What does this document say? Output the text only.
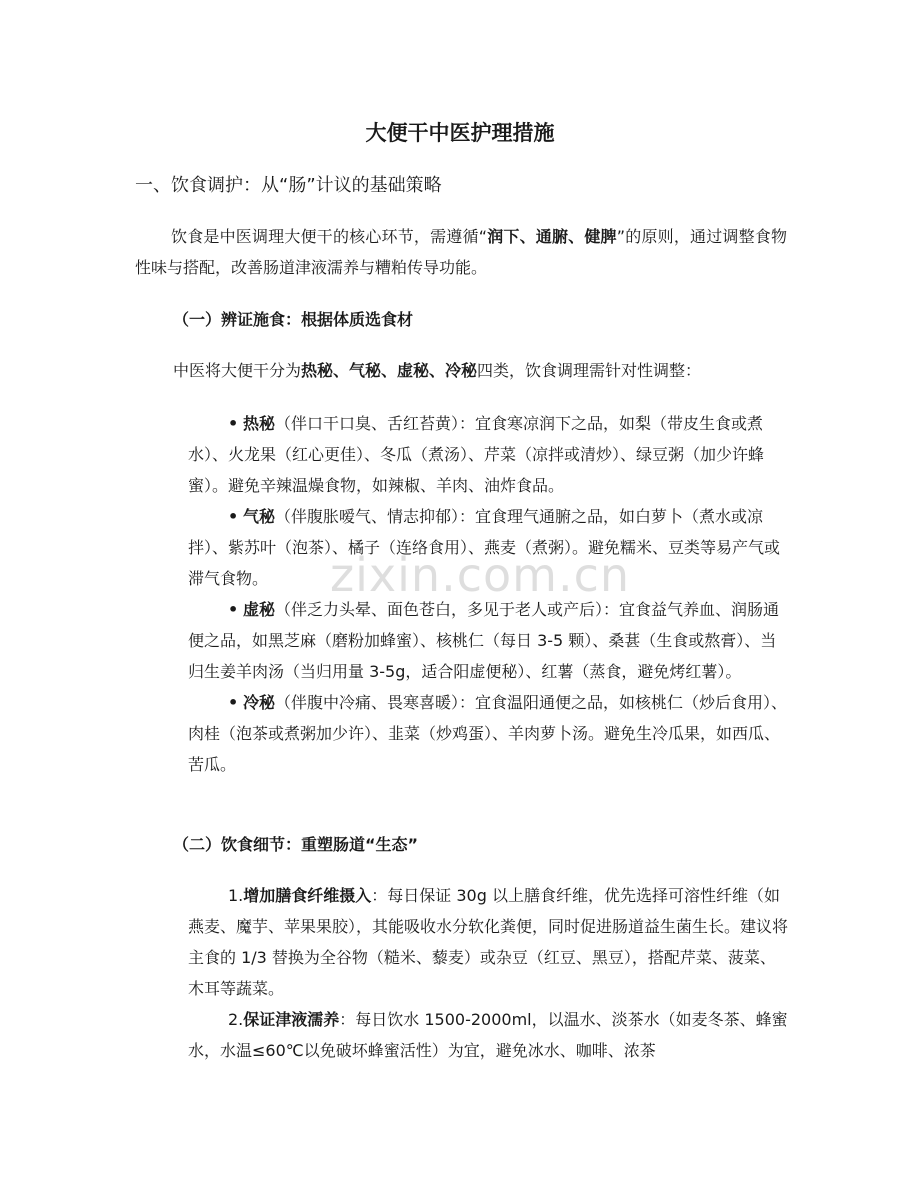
大便干中医护理措施
一、饮食调护：从“肠”计议的基础策略
饮食是中医调理大便干的核心环节，需遵循“润下、通腑、健脾”的原则，通过调整食物性味与搭配，改善肠道津液濡养与糟粕传导功能。
（一）辨证施食：根据体质选食材
中医将大便干分为热秘、气秘、虚秘、冷秘四类，饮食调理需针对性调整：
• 热秘（伴口干口臭、舌红苔黄）：宜食寒凉润下之品，如梨（带皮生食或煮水）、火龙果（红心更佳）、冬瓜（煮汤）、芹菜（凉拌或清炒）、绿豆粥（加少许蜂蜜）。避免辛辣温燥食物，如辣椒、羊肉、油炸食品。
• 气秘（伴腹胀嗳气、情志抑郁）：宜食理气通腑之品，如白萝卜（煮水或凉拌）、紫苏叶（泡茶）、橘子（连络食用）、燕麦（煮粥）。避免糯米、豆类等易产气或滞气食物。
• 虚秘（伴乏力头晕、面色苍白，多见于老人或产后）：宜食益气养血、润肠通便之品，如黑芝麻（磨粉加蜂蜜）、核桃仁（每日 3-5 颗）、桑葚（生食或熬膏）、当归生姜羊肉汤（当归用量 3-5g，适合阳虚便秘）、红薯（蒸食，避免烤红薯）。
• 冷秘（伴腹中冷痛、畏寒喜暖）：宜食温阳通便之品，如核桃仁（炒后食用）、肉桂（泡茶或煮粥加少许）、韭菜（炒鸡蛋）、羊肉萝卜汤。避免生冷瓜果，如西瓜、苦瓜。
（二）饮食细节：重塑肠道“生态”
1.增加膳食纤维摄入：每日保证 30g 以上膳食纤维，优先选择可溶性纤维（如燕麦、魔芋、苹果果胶），其能吸收水分软化粪便，同时促进肠道益生菌生长。建议将主食的 1/3 替换为全谷物（糙米、藜麦）或杂豆（红豆、黑豆），搭配芹菜、菠菜、木耳等蔬菜。
2.保证津液濡养：每日饮水 1500-2000ml，以温水、淡茶水（如麦冬茶、蜂蜜水，水温≤60℃以免破坏蜂蜜活性）为宜，避免冰水、咖啡、浓茶
zixin.com.cn
